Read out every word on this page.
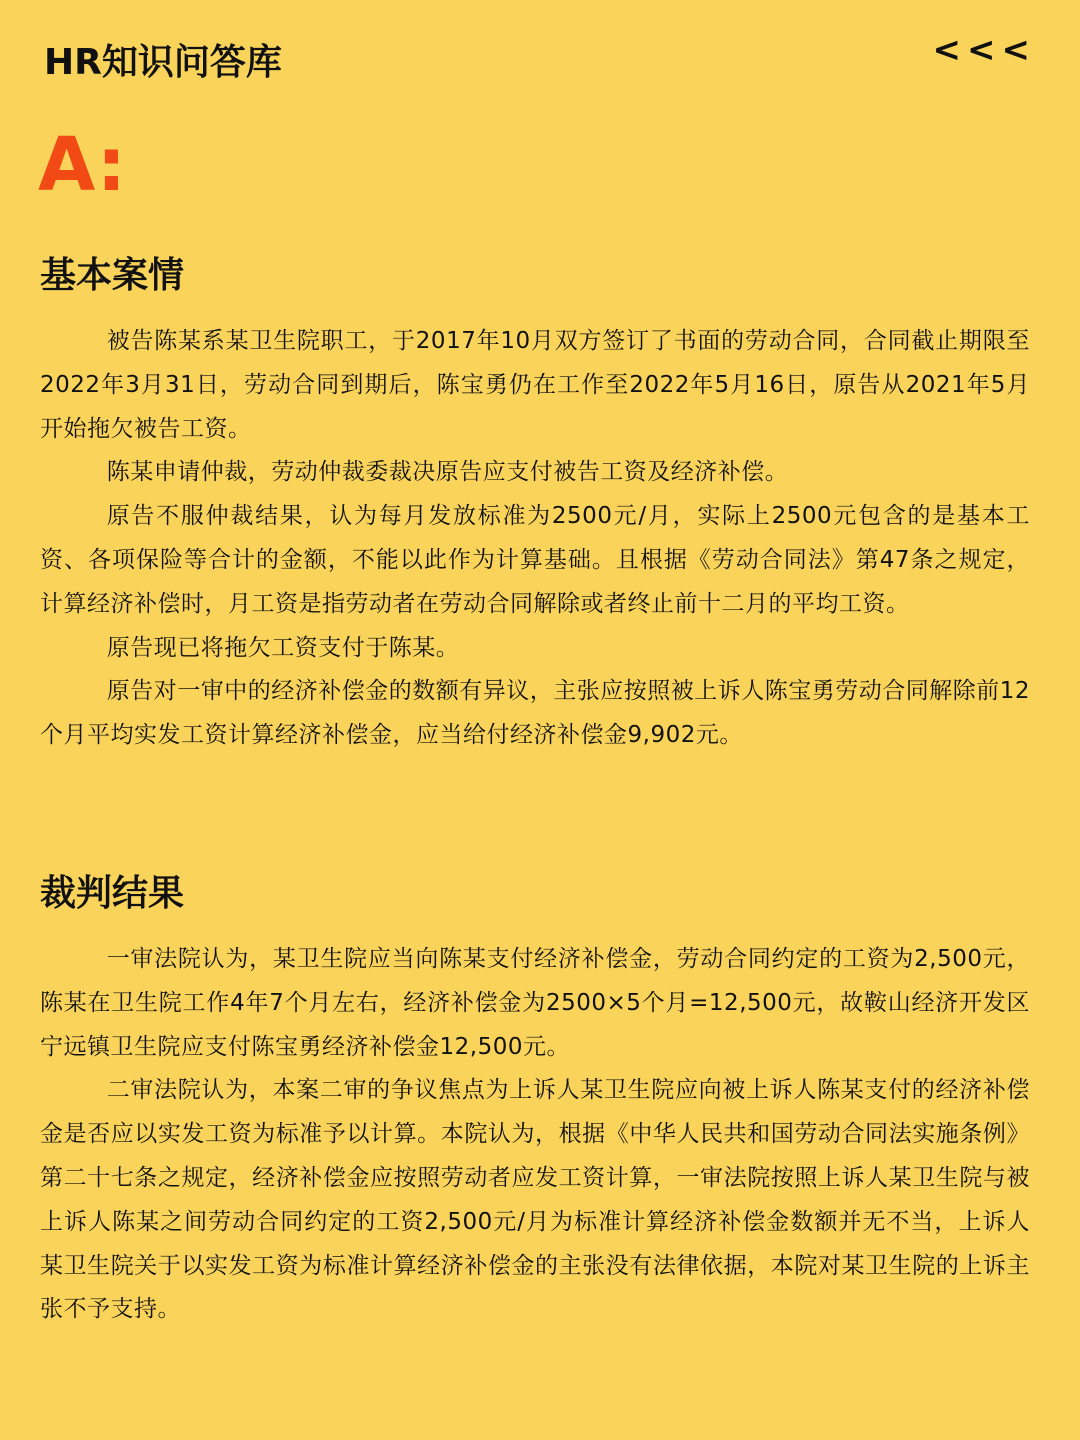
HR知识问答库	<<<
A:
基本案情

被告陈某系某卫生院职工，于2017年10月双方签订了书面的劳动合同，合同截止期限至2022年3月31日，劳动合同到期后，陈宝勇仍在工作至2022年5月16日，原告从2021年5月开始拖欠被告工资。

陈某申请仲裁，劳动仲裁委裁决原告应支付被告工资及经济补偿。

原告不服仲裁结果，认为每月发放标准为2500元/月，实际上2500元包含的是基本工资、各项保险等合计的金额，不能以此作为计算基础。且根据《劳动合同法》第47条之规定，计算经济补偿时，月工资是指劳动者在劳动合同解除或者终止前十二月的平均工资。

原告现已将拖欠工资支付于陈某。

原告对一审中的经济补偿金的数额有异议，主张应按照被上诉人陈宝勇劳动合同解除前12个月平均实发工资计算经济补偿金，应当给付经济补偿金9,902元。

裁判结果

一审法院认为，某卫生院应当向陈某支付经济补偿金，劳动合同约定的工资为2,500元，陈某在卫生院工作4年7个月左右，经济补偿金为2500×5个月=12,500元，故鞍山经济开发区宁远镇卫生院应支付陈宝勇经济补偿金12,500元。

二审法院认为，本案二审的争议焦点为上诉人某卫生院应向被上诉人陈某支付的经济补偿金是否应以实发工资为标准予以计算。本院认为，根据《中华人民共和国劳动合同法实施条例》第二十七条之规定，经济补偿金应按照劳动者应发工资计算，一审法院按照上诉人某卫生院与被上诉人陈某之间劳动合同约定的工资2,500元/月为标准计算经济补偿金数额并无不当，上诉人某卫生院关于以实发工资为标准计算经济补偿金的主张没有法律依据，本院对某卫生院的上诉主张不予支持。
